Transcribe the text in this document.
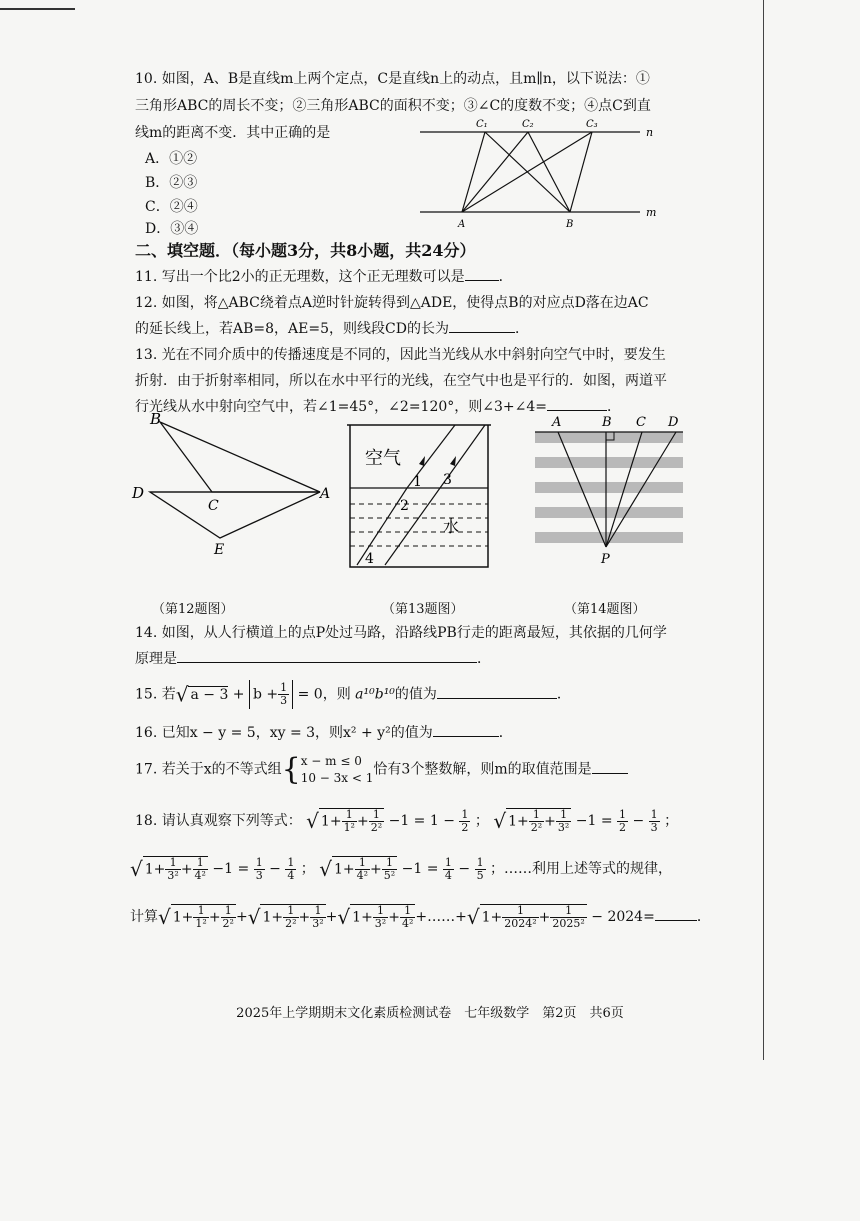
10. 如图，A、B是直线m上两个定点，C是直线n上的动点，且m∥n，以下说法：①
三角形ABC的周长不变；②三角形ABC的面积不变；③∠C的度数不变；④点C到直
线m的距离不变．其中正确的是
A．①②
B．②③
C．②④
D．③④
C₁	C₂	C₃
n
m
A	B
二、填空题．（每小题3分，共8小题，共24分）
11. 写出一个比2小的正无理数，这个正无理数可以是 ．
12. 如图，将△ABC绕着点A逆时针旋转得到△ADE，使得点B的对应点D落在边AC
的延长线上，若AB=8，AE=5，则线段CD的长为	．
13. 光在不同介质中的传播速度是不同的，因此当光线从水中斜射向空气中时，要发生
折射．由于折射率相同，所以在水中平行的光线，在空气中也是平行的．如图，两道平
行光线从水中射向空气中，若∠1=45°，∠2=120°，则∠3+∠4=	．
B
D
C
A
E
空气
水
1
2
3
4
A	B C D
P
（第12题图）	（第13题图）	（第14题图）
14. 如图，从人行横道上的点P处过马路，沿路线PB行走的距离最短，其依据的几何学
原理是	．
15. 若√ $a - 3 + b + \frac{1}{3} = 0$，则 a¹⁰b¹⁰的值为	．
16. 已知x − y = 5，xy = 3，则x² + y²的值为	．
17. 若关于x的不等式组{ x − m ≤ 0
10 − 3x < 1 恰有3个整数解，则m的取值范围是
18. 请认真观察下列等式： √ $1+ \frac{1}{\text{1²}} + \frac{1}{\text{2²}} -1 = 1 - \frac{1}{2}$ ； √ $1+ \frac{1}{\text{2²}} + \frac{1}{\text{3²}} -1 = \frac{1}{2} - \frac{1}{3}$ ；
√ $1+ \frac{1}{\text{3²}} + \frac{1}{\text{4²}} -1 = \frac{1}{3} - \frac{1}{4}$ ； √ $1+ \frac{1}{\text{4²}} + \frac{1}{\text{5²}} -1 = \frac{1}{4} - \frac{1}{5}$ ；……利用上述等式的规律，
计算√ $1+ \frac{1}{\text{1²}} + \frac{1}{\text{2²}}$ +√ $1+ \frac{1}{\text{2²}} + \frac{1}{\text{3²}}$ +√ $1+ \frac{1}{\text{3²}} + \frac{1}{\text{4²}}$ +……+√ $1+ \frac{1}{\text{2024²}} + \frac{1}{\text{2025²}} - 2024=$	．
2025年上学期期末文化素质检测试卷　七年级数学　第2页　共6页
